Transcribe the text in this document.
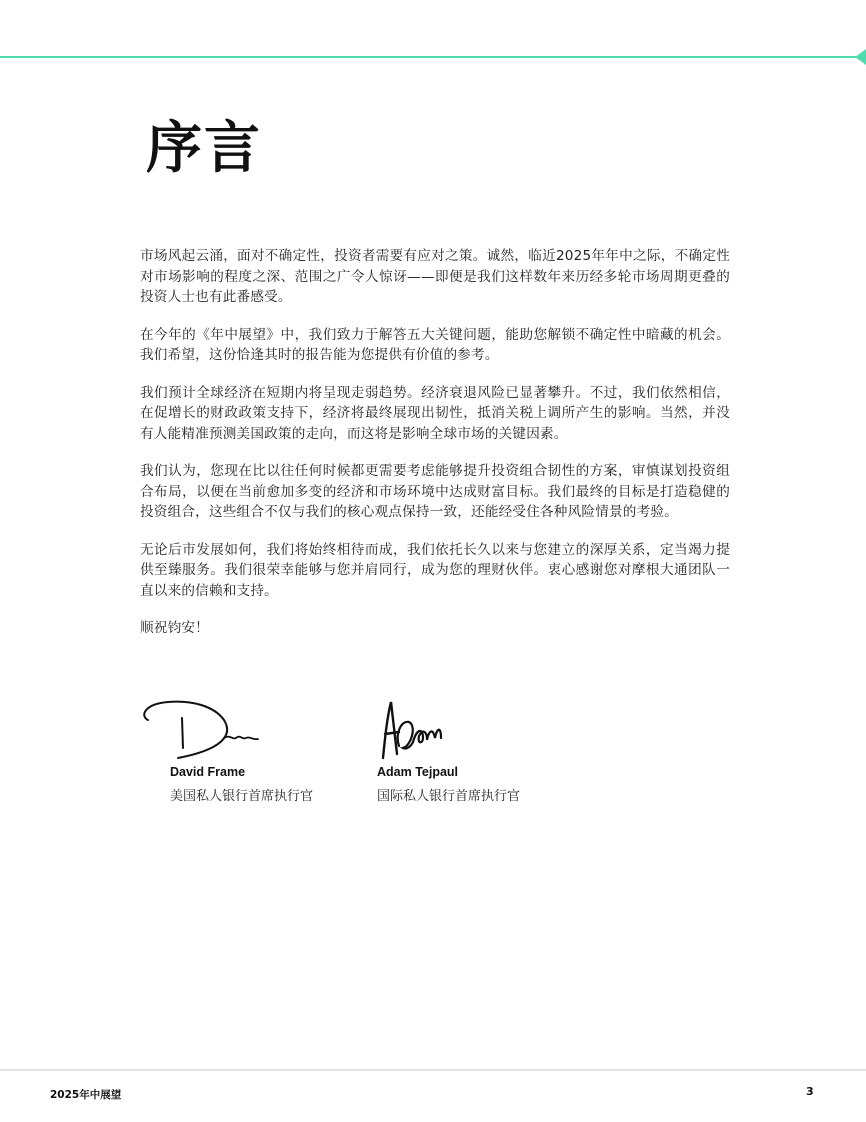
序言

市场风起云涌，面对不确定性，投资者需要有应对之策。诚然，临近2025年年中之际，不确定性对市场影响的程度之深、范围之广令人惊讶——即便是我们这样数年来历经多轮市场周期更叠的投资人士也有此番感受。

在今年的《年中展望》中，我们致力于解答五大关键问题，能助您解锁不确定性中暗藏的机会。我们希望，这份恰逢其时的报告能为您提供有价值的参考。

我们预计全球经济在短期内将呈现走弱趋势。经济衰退风险已显著攀升。不过，我们依然相信，在促增长的财政政策支持下，经济将最终展现出韧性，抵消关税上调所产生的影响。当然，并没有人能精准预测美国政策的走向，而这将是影响全球市场的关键因素。

我们认为，您现在比以往任何时候都更需要考虑能够提升投资组合韧性的方案，审慎谋划投资组合布局，以便在当前愈加多变的经济和市场环境中达成财富目标。我们最终的目标是打造稳健的投资组合，这些组合不仅与我们的核心观点保持一致，还能经受住各种风险情景的考验。

无论后市发展如何，我们将始终相待而成，我们依托长久以来与您建立的深厚关系，定当竭力提供至臻服务。我们很荣幸能够与您并肩同行，成为您的理财伙伴。衷心感谢您对摩根大通团队一直以来的信赖和支持。

顺祝钧安！

David Frame
美国私人银行首席执行官
Adam Tejpaul
国际私人银行首席执行官
2025年中展望	3
